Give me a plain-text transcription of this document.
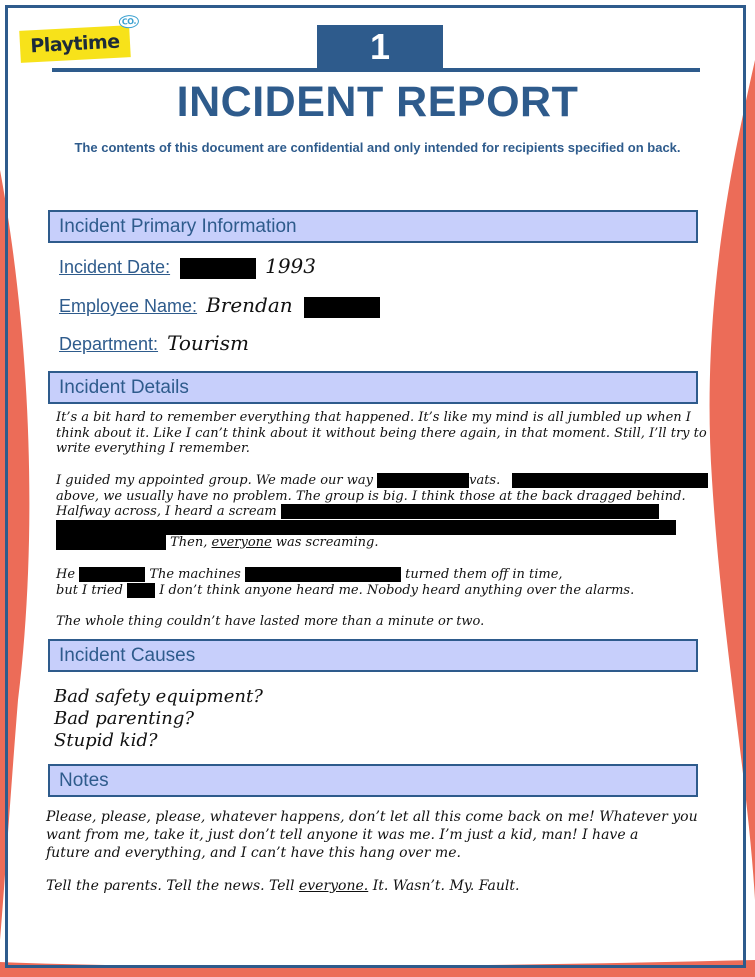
Playtime
CO.
1
INCIDENT REPORT
The contents of this document are confidential and only intended for recipients specified on back.
Incident Primary Information
Incident Date:	1993
Employee Name: Brendan
Department: Tourism
Incident Details
It’s a bit hard to remember everything that happened. It’s like my mind is all jumbled up when I
think about it. Like I can’t think about it without being there again, in that moment. Still, I’ll try to
write everything I remember.
I guided my appointed group. We made our way	vats.
above, we usually have no problem. The group is big. I think those at the back dragged behind.
Halfway across, I heard a scream
Then, everyone was screaming.
He	The machines	turned them off in time,
but I tried	I don’t think anyone heard me. Nobody heard anything over the alarms.
The whole thing couldn’t have lasted more than a minute or two.
Incident Causes
Bad safety equipment?
Bad parenting?
Stupid kid?
Notes
Please, please, please, whatever happens, don’t let all this come back on me! Whatever you
want from me, take it, just don’t tell anyone it was me. I’m just a kid, man! I have a
future and everything, and I can’t have this hang over me.
Tell the parents. Tell the news. Tell everyone. It. Wasn’t. My. Fault.
